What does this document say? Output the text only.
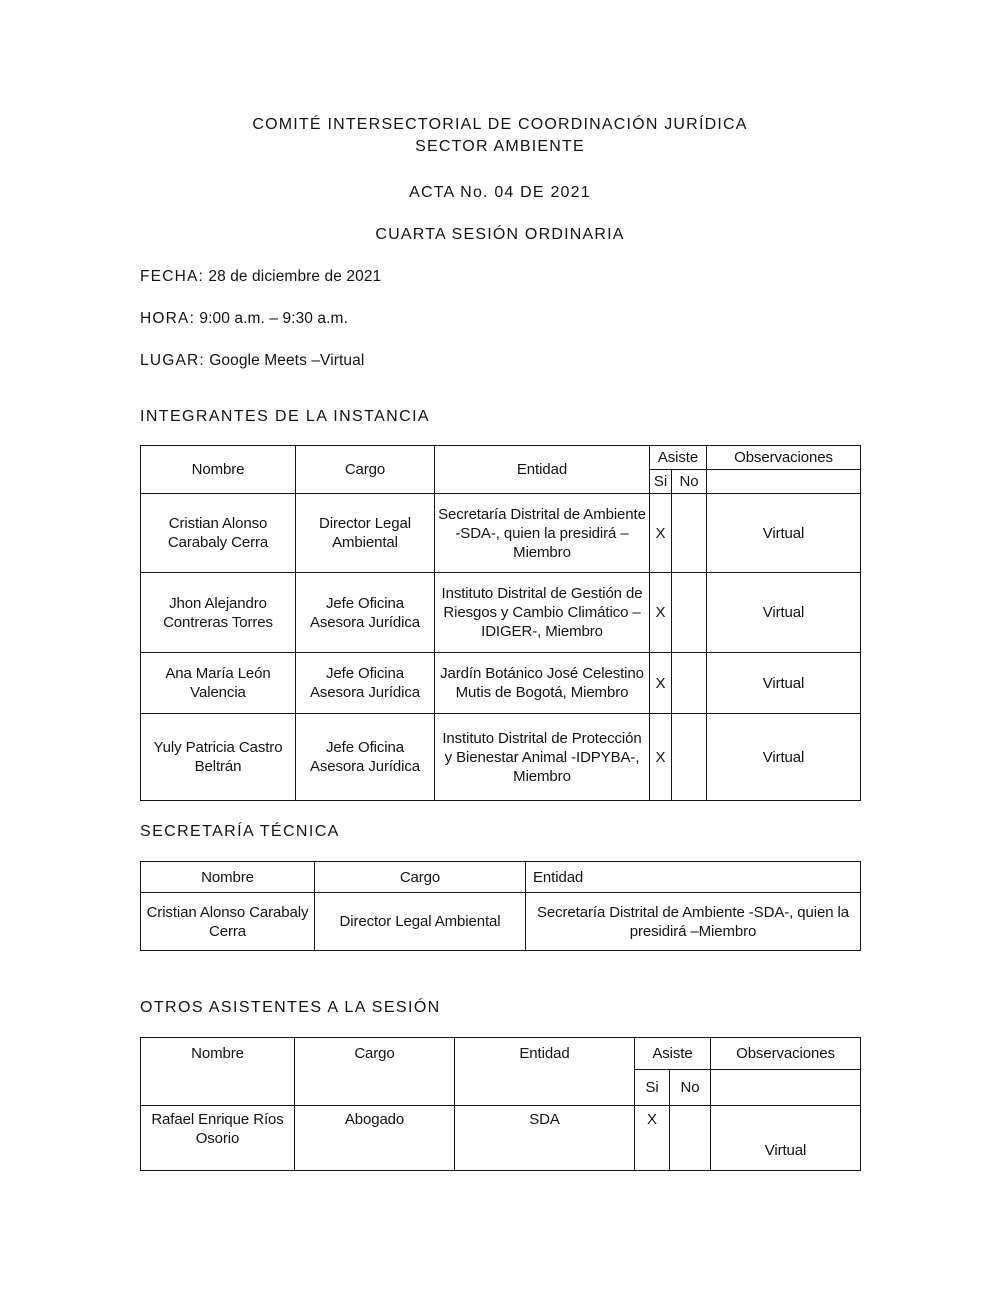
COMITÉ INTERSECTORIAL DE COORDINACIÓN JURÍDICA
SECTOR AMBIENTE

ACTA No. 04 DE 2021

CUARTA SESIÓN ORDINARIA

FECHA: 28 de diciembre de 2021

HORA: 9:00 a.m. – 9:30 a.m.

LUGAR: Google Meets –Virtual

INTEGRANTES DE LA INSTANCIA

Nombre	Cargo	Entidad	Asiste		Observaciones
			Si	No	
Cristian Alonso Carabaly Cerra	Director Legal Ambiental	Secretaría Distrital de Ambiente -SDA-, quien la presidirá –Miembro	X		Virtual
Jhon Alejandro Contreras Torres	Jefe Oficina Asesora Jurídica	Instituto Distrital de Gestión de Riesgos y Cambio Climático – IDIGER-, Miembro	X		Virtual
Ana María León Valencia	Jefe Oficina Asesora Jurídica	Jardín Botánico José Celestino Mutis de Bogotá, Miembro	X		Virtual
Yuly Patricia Castro Beltrán	Jefe Oficina Asesora Jurídica	Instituto Distrital de Protección y Bienestar Animal -IDPYBA-, Miembro	X		Virtual

SECRETARÍA TÉCNICA

Nombre	Cargo	Entidad
Cristian Alonso Carabaly Cerra	Director Legal Ambiental	Secretaría Distrital de Ambiente -SDA-, quien la presidirá –Miembro

OTROS ASISTENTES A LA SESIÓN

Nombre	Cargo	Entidad	Asiste		Observaciones
			Si	No	
Rafael Enrique Ríos Osorio	Abogado	SDA	X		Virtual
